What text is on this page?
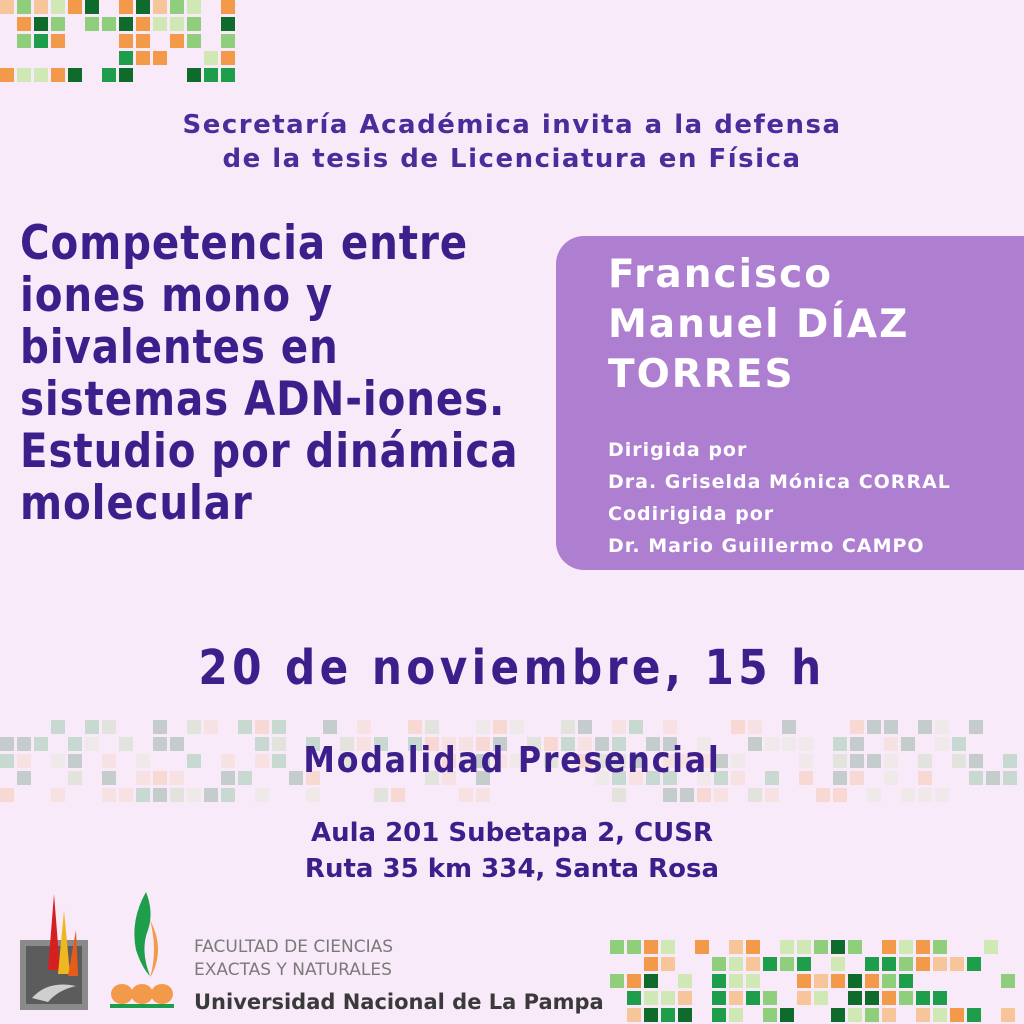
Secretaría Académica invita a la defensa
de la tesis de Licenciatura en Física
Competencia entre
iones mono y
bivalentes en
sistemas ADN-iones.
Estudio por dinámica
molecular
Francisco
Manuel DÍAZ
TORRES
Dirigida por
Dra. Griselda Mónica CORRAL
Codirigida por
Dr. Mario Guillermo CAMPO
20 de noviembre, 15 h
Modalidad Presencial
Aula 201 Subetapa 2, CUSR
Ruta 35 km 334, Santa Rosa
FACULTAD DE CIENCIAS
EXACTAS Y NATURALES
Universidad Nacional de La Pampa
